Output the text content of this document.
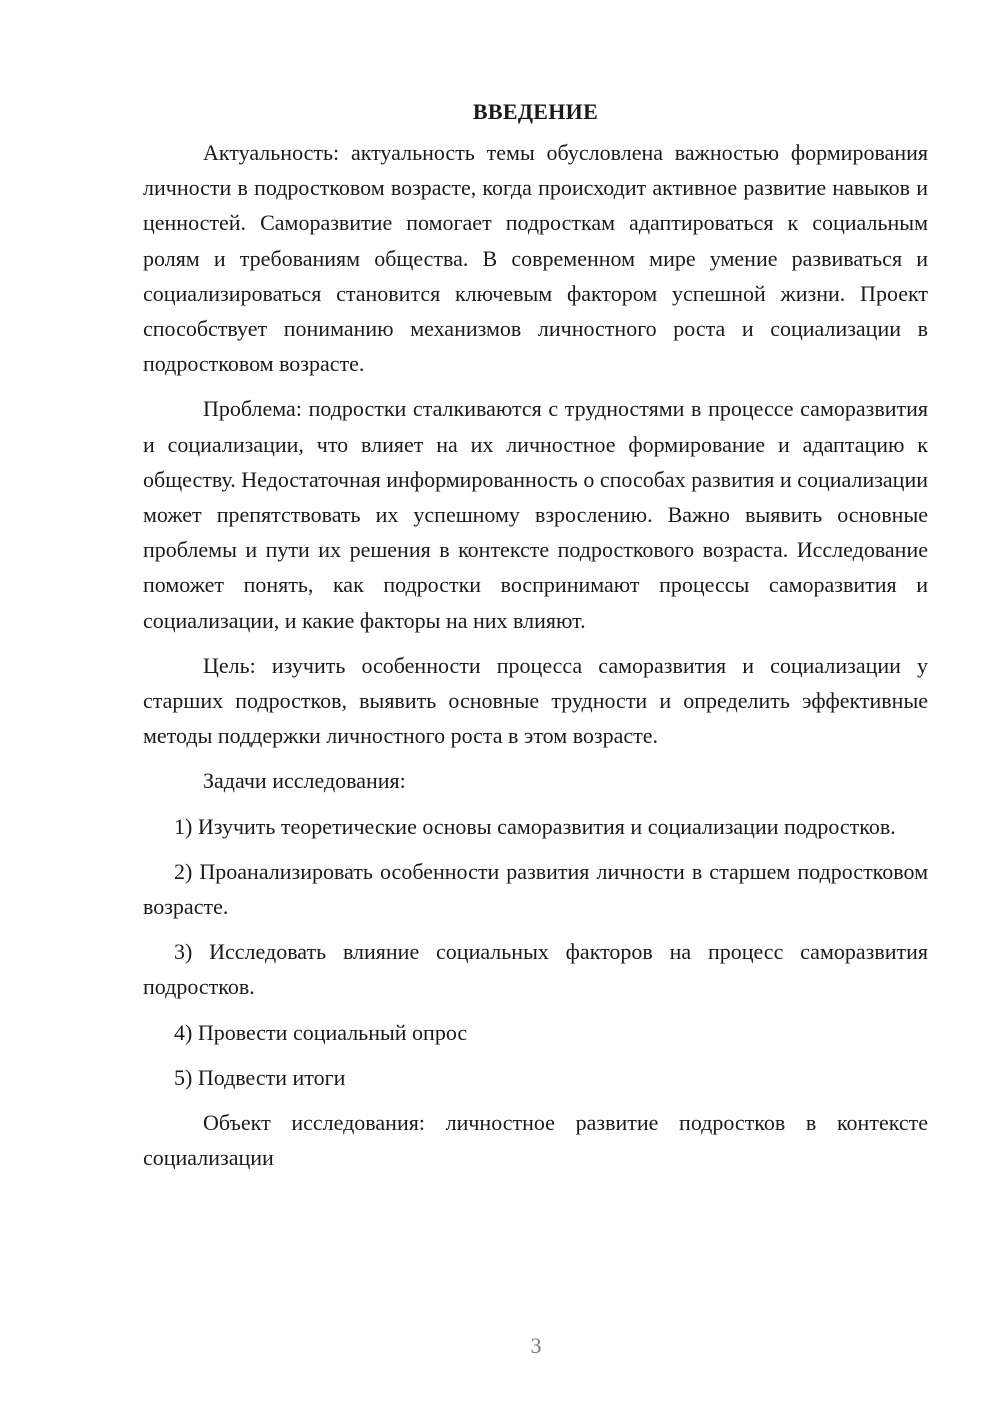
ВВЕДЕНИЕ

Актуальность: актуальность темы обусловлена важностью формирования личности в подростковом возрасте, когда происходит активное развитие навыков и ценностей. Саморазвитие помогает подросткам адаптироваться к социальным ролям и требованиям общества. В современном мире умение развиваться и социализироваться становится ключевым фактором успешной жизни. Проект способствует пониманию механизмов личностного роста и социализации в подростковом возрасте.

Проблема: подростки сталкиваются с трудностями в процессе саморазвития и социализации, что влияет на их личностное формирование и адаптацию к обществу. Недостаточная информированность о способах развития и социализации может препятствовать их успешному взрослению. Важно выявить основные проблемы и пути их решения в контексте подросткового возраста. Исследование поможет понять, как подростки воспринимают процессы саморазвития и социализации, и какие факторы на них влияют.

Цель: изучить особенности процесса саморазвития и социализации у старших подростков, выявить основные трудности и определить эффективные методы поддержки личностного роста в этом возрасте.

Задачи исследования:

1) Изучить теоретические основы саморазвития и социализации подростков.

2) Проанализировать особенности развития личности в старшем подростковом возрасте.

3) Исследовать влияние социальных факторов на процесс саморазвития подростков.

4) Провести социальный опрос

5) Подвести итоги

Объект исследования: личностное развитие подростков в контексте социализации

3
